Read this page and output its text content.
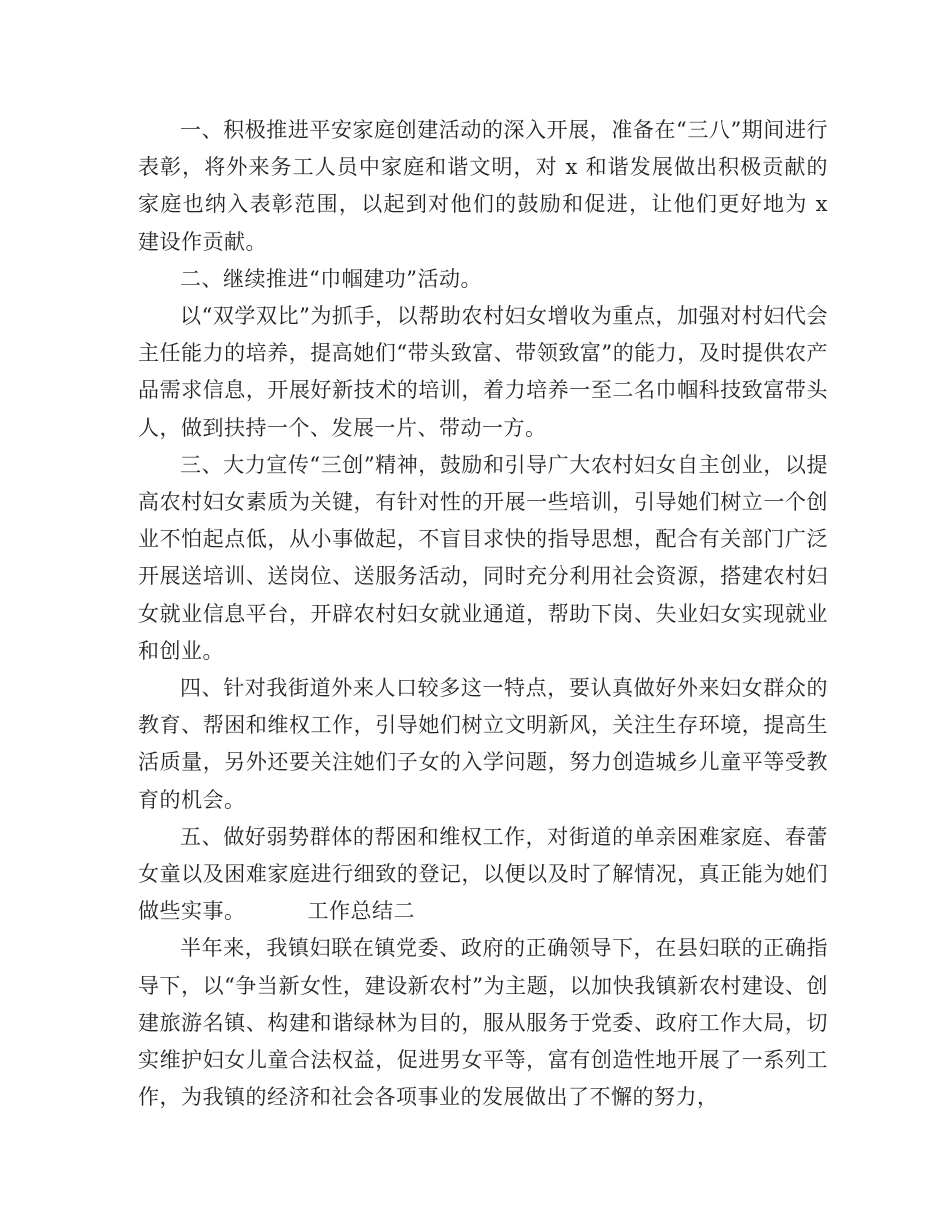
一、积极推进平安家庭创建活动的深入开展，准备在“三八”期间进行表彰，将外来务工人员中家庭和谐文明，对 x 和谐发展做出积极贡献的家庭也纳入表彰范围，以起到对他们的鼓励和促进，让他们更好地为 x 建设作贡献。

二、继续推进“巾帼建功”活动。

以“双学双比”为抓手，以帮助农村妇女增收为重点，加强对村妇代会主任能力的培养，提高她们“带头致富、带领致富”的能力，及时提供农产品需求信息，开展好新技术的培训，着力培养一至二名巾帼科技致富带头人，做到扶持一个、发展一片、带动一方。

三、大力宣传“三创”精神，鼓励和引导广大农村妇女自主创业，以提高农村妇女素质为关键，有针对性的开展一些培训，引导她们树立一个创业不怕起点低，从小事做起，不盲目求快的指导思想，配合有关部门广泛开展送培训、送岗位、送服务活动，同时充分利用社会资源，搭建农村妇女就业信息平台，开辟农村妇女就业通道，帮助下岗、失业妇女实现就业和创业。

四、针对我街道外来人口较多这一特点，要认真做好外来妇女群众的教育、帮困和维权工作，引导她们树立文明新风，关注生存环境，提高生活质量，另外还要关注她们子女的入学问题，努力创造城乡儿童平等受教育的机会。

五、做好弱势群体的帮困和维权工作，对街道的单亲困难家庭、春蕾女童以及困难家庭进行细致的登记，以便以及时了解情况，真正能为她们做些实事。	工作总结二

半年来，我镇妇联在镇党委、政府的正确领导下，在县妇联的正确指导下，以“争当新女性，建设新农村”为主题，以加快我镇新农村建设、创建旅游名镇、构建和谐绿林为目的，服从服务于党委、政府工作大局，切实维护妇女儿童合法权益，促进男女平等，富有创造性地开展了一系列工作，为我镇的经济和社会各项事业的发展做出了不懈的努力，
